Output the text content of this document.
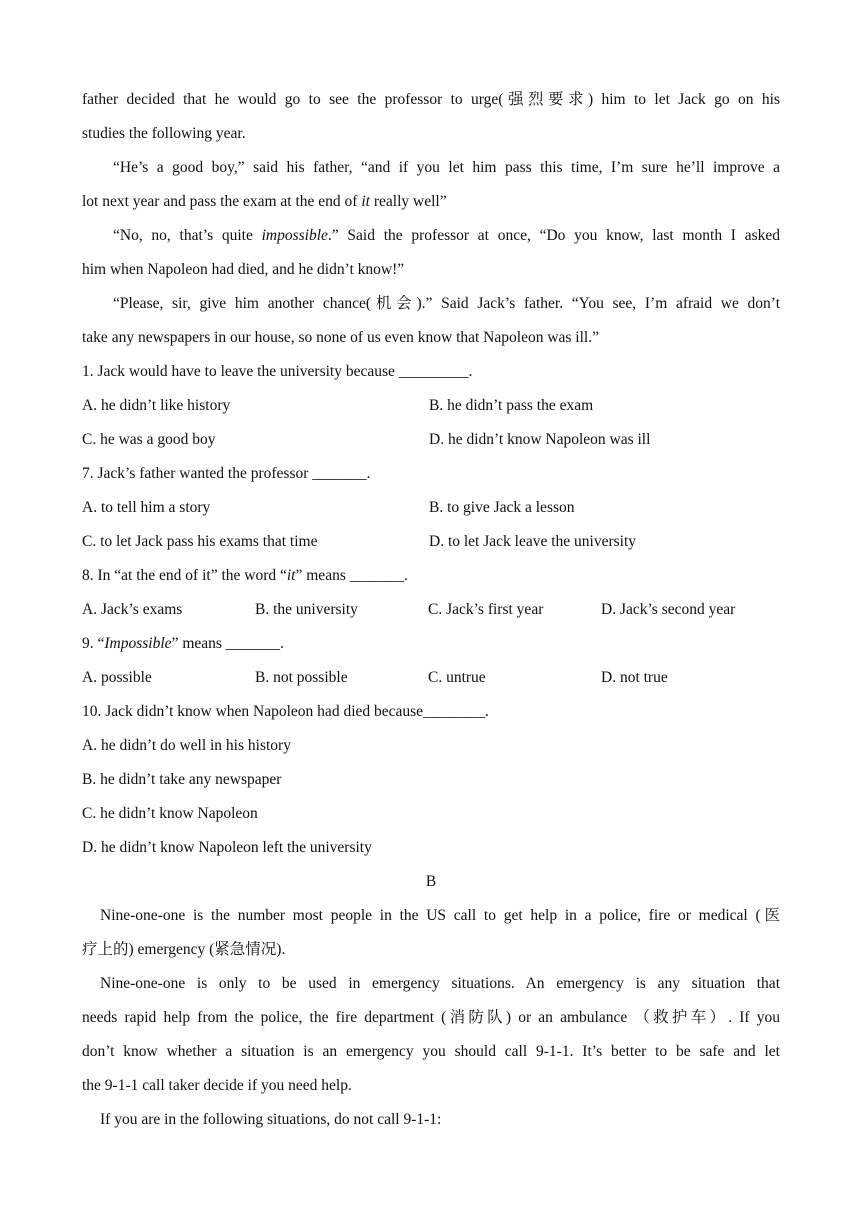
father decided that he would go to see the professor to urge(强烈要求) him to let Jack go on his
studies the following year.
“He’s a good boy,” said his father, “and if you let him pass this time, I’m sure he’ll improve a
lot next year and pass the exam at the end of it really well”
“No, no, that’s quite impossible.” Said the professor at once, “Do you know, last month I asked
him when Napoleon had died, and he didn’t know!”
“Please, sir, give him another chance(机会).” Said Jack’s father. “You see, I’m afraid we don’t
take any newspapers in our house, so none of us even know that Napoleon was ill.”
1. Jack would have to leave the university because _________.
A. he didn’t like history	B. he didn’t pass the exam
C. he was a good boy	D. he didn’t know Napoleon was ill
7. Jack’s father wanted the professor _______.
A. to tell him a story	B. to give Jack a lesson
C. to let Jack pass his exams that time	D. to let Jack leave the university
8. In “at the end of it” the word “it” means _______.
A. Jack’s exams	B. the university	C. Jack’s first year	D. Jack’s second year
9. “Impossible” means _______.
A. possible	B. not possible	C. untrue	D. not true
10. Jack didn’t know when Napoleon had died because________.
A. he didn’t do well in his history
B. he didn’t take any newspaper
C. he didn’t know Napoleon
D. he didn’t know Napoleon left the university
B
Nine-one-one is the number most people in the US call to get help in a police, fire or medical (医
疗上的) emergency (紧急情况).
Nine-one-one is only to be used in emergency situations. An emergency is any situation that
needs rapid help from the police, the fire department (消防队) or an ambulance （救护车）. If you
don’t know whether a situation is an emergency you should call 9-1-1. It’s better to be safe and let
the 9-1-1 call taker decide if you need help.
If you are in the following situations, do not call 9-1-1:
